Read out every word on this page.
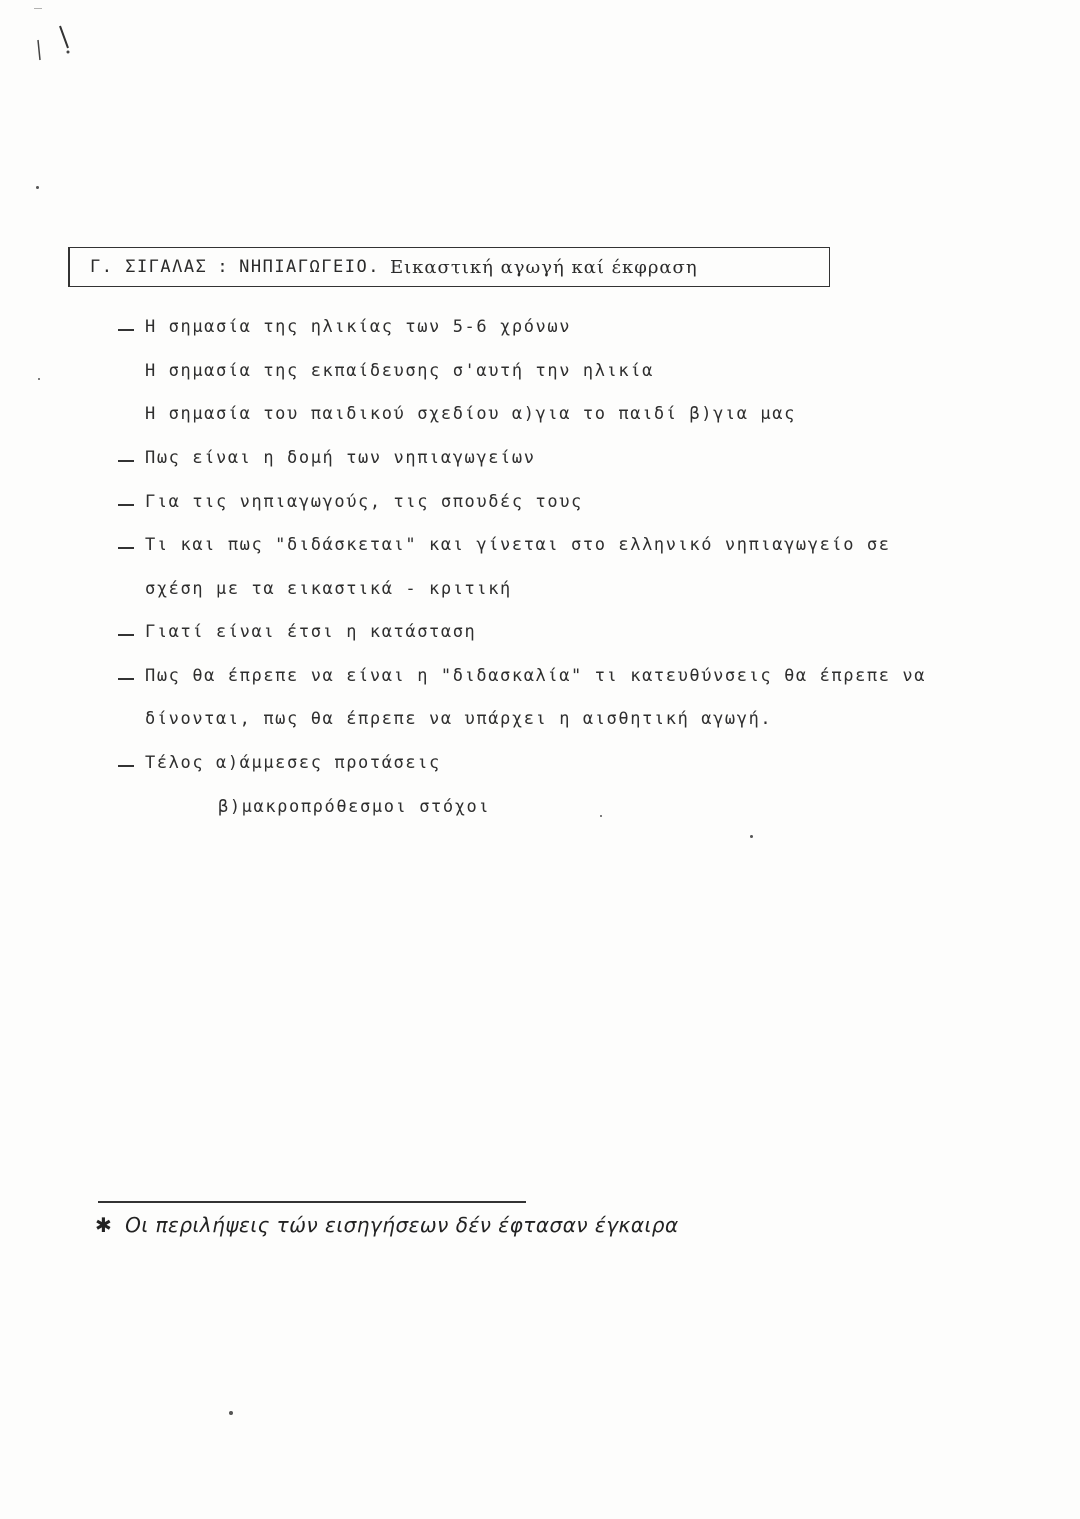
Γ. ΣΙΓΑΛΑΣ : ΝΗΠΙΑΓΩΓΕΙΟ. Εικαστική αγωγή καί έκφραση
Η σημασία της ηλικίας των 5-6 χρόνων
Η σημασία της εκπαίδευσης σ'αυτή την ηλικία
Η σημασία του παιδικού σχεδίου α)για το παιδί β)για μας
Πως είναι η δομή των νηπιαγωγείων
Για τις νηπιαγωγούς, τις σπουδές τους
Τι και πως "διδάσκεται" και γίνεται στο ελληνικό νηπιαγωγείο σε
σχέση με τα εικαστικά - κριτική
Γιατί είναι έτσι η κατάσταση
Πως θα έπρεπε να είναι η "διδασκαλία" τι κατευθύνσεις θα έπρεπε να
δίνονται, πως θα έπρεπε να υπάρχει η αισθητική αγωγή.
Τέλος α)άμμεσες προτάσεις
β)μακροπρόθεσμοι στόχοι
✱ Οι περιλήψεις τών εισηγήσεων δέν έφτασαν έγκαιρα
